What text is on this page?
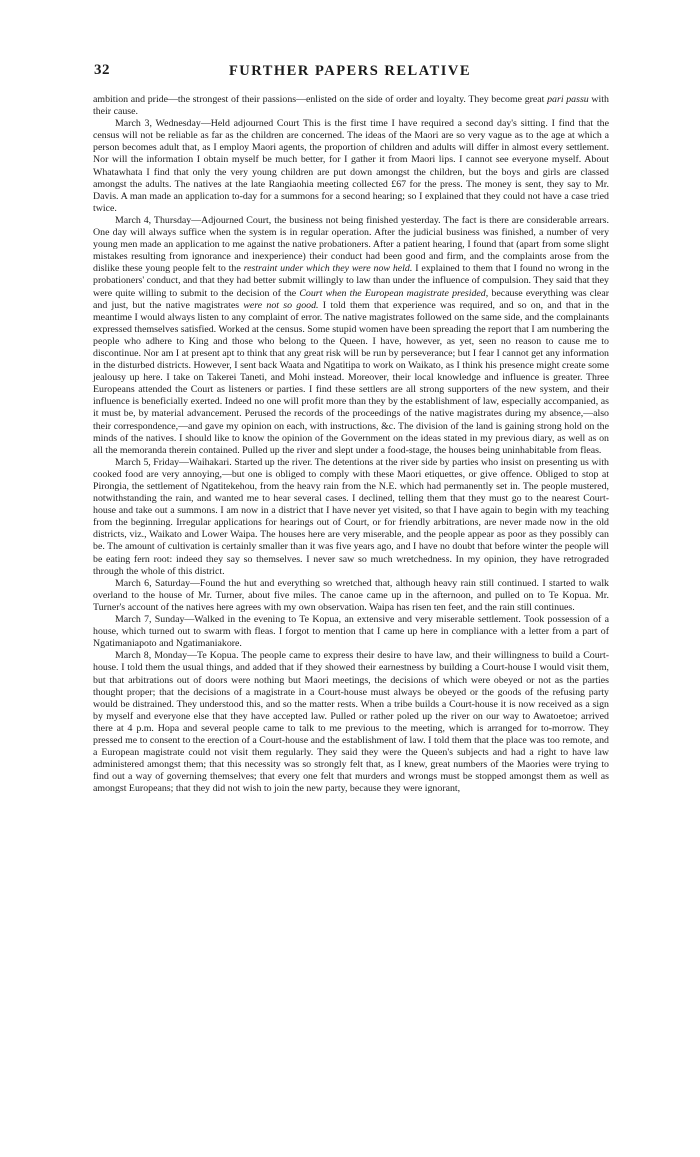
32	FURTHER PAPERS RELATIVE

ambition and pride—the strongest of their passions—enlisted on the side of order and loyalty. They become great pari passu with their cause.

March 3, Wednesday—Held adjourned Court This is the first time I have required a second day's sitting. I find that the census will not be reliable as far as the children are concerned. The ideas of the Maori are so very vague as to the age at which a person becomes adult that, as I employ Maori agents, the proportion of children and adults will differ in almost every settlement. Nor will the information I obtain myself be much better, for I gather it from Maori lips. I cannot see everyone myself. About Whatawhata I find that only the very young children are put down amongst the children, but the boys and girls are classed amongst the adults. The natives at the late Rangiaohia meeting collected £67 for the press. The money is sent, they say to Mr. Davis. A man made an application to-day for a summons for a second hearing; so I explained that they could not have a case tried twice.

March 4, Thursday—Adjourned Court, the business not being finished yesterday. The fact is there are considerable arrears. One day will always suffice when the system is in regular operation. After the judicial business was finished, a number of very young men made an application to me against the native probationers. After a patient hearing, I found that (apart from some slight mistakes resulting from ignorance and inexperience) their conduct had been good and firm, and the complaints arose from the dislike these young people felt to the restraint under which they were now held. I explained to them that I found no wrong in the probationers' conduct, and that they had better submit willingly to law than under the influence of compulsion. They said that they were quite willing to submit to the decision of the Court when the European magistrate presided, because everything was clear and just, but the native magistrates were not so good. I told them that experience was required, and so on, and that in the meantime I would always listen to any complaint of error. The native magistrates followed on the same side, and the complainants expressed themselves satisfied. Worked at the census. Some stupid women have been spreading the report that I am numbering the people who adhere to King and those who belong to the Queen. I have, however, as yet, seen no reason to cause me to discontinue. Nor am I at present apt to think that any great risk will be run by perseverance; but I fear I cannot get any information in the disturbed districts. However, I sent back Waata and Ngatitipa to work on Waikato, as I think his presence might create some jealousy up here. I take on Takerei Taneti, and Mohi instead. Moreover, their local knowledge and influence is greater. Three Europeans attended the Court as listeners or parties. I find these settlers are all strong supporters of the new system, and their influence is beneficially exerted. Indeed no one will profit more than they by the establishment of law, especially accompanied, as it must be, by material advancement. Perused the records of the proceedings of the native magistrates during my absence,—also their correspondence,—and gave my opinion on each, with instructions, &c. The division of the land is gaining strong hold on the minds of the natives. I should like to know the opinion of the Government on the ideas stated in my previous diary, as well as on all the memoranda therein contained. Pulled up the river and slept under a food-stage, the houses being uninhabitable from fleas.

March 5, Friday—Waihakari. Started up the river. The detentions at the river side by parties who insist on presenting us with cooked food are very annoying,—but one is obliged to comply with these Maori etiquettes, or give offence. Obliged to stop at Pirongia, the settlement of Ngatitekehou, from the heavy rain from the N.E. which had permanently set in. The people mustered, notwithstanding the rain, and wanted me to hear several cases. I declined, telling them that they must go to the nearest Court-house and take out a summons. I am now in a district that I have never yet visited, so that I have again to begin with my teaching from the beginning. Irregular applications for hearings out of Court, or for friendly arbitrations, are never made now in the old districts, viz., Waikato and Lower Waipa. The houses here are very miserable, and the people appear as poor as they possibly can be. The amount of cultivation is certainly smaller than it was five years ago, and I have no doubt that before winter the people will be eating fern root: indeed they say so themselves. I never saw so much wretchedness. In my opinion, they have retrograded through the whole of this district.

March 6, Saturday—Found the hut and everything so wretched that, although heavy rain still continued. I started to walk overland to the house of Mr. Turner, about five miles. The canoe came up in the afternoon, and pulled on to Te Kopua. Mr. Turner's account of the natives here agrees with my own observation. Waipa has risen ten feet, and the rain still continues.

March 7, Sunday—Walked in the evening to Te Kopua, an extensive and very miserable settlement. Took possession of a house, which turned out to swarm with fleas. I forgot to mention that I came up here in compliance with a letter from a part of Ngatimaniapoto and Ngatimaniakore.

March 8, Monday—Te Kopua. The people came to express their desire to have law, and their willingness to build a Court-house. I told them the usual things, and added that if they showed their earnestness by building a Court-house I would visit them, but that arbitrations out of doors were nothing but Maori meetings, the decisions of which were obeyed or not as the parties thought proper; that the decisions of a magistrate in a Court-house must always be obeyed or the goods of the refusing party would be distrained. They understood this, and so the matter rests. When a tribe builds a Court-house it is now received as a sign by myself and everyone else that they have accepted law. Pulled or rather poled up the river on our way to Awatoetoe; arrived there at 4 p.m. Hopa and several people came to talk to me previous to the meeting, which is arranged for to-morrow. They pressed me to consent to the erection of a Court-house and the establishment of law. I told them that the place was too remote, and a European magistrate could not visit them regularly. They said they were the Queen's subjects and had a right to have law administered amongst them; that this necessity was so strongly felt that, as I knew, great numbers of the Maories were trying to find out a way of governing themselves; that every one felt that murders and wrongs must be stopped amongst them as well as amongst Europeans; that they did not wish to join the new party, because they were ignorant,
